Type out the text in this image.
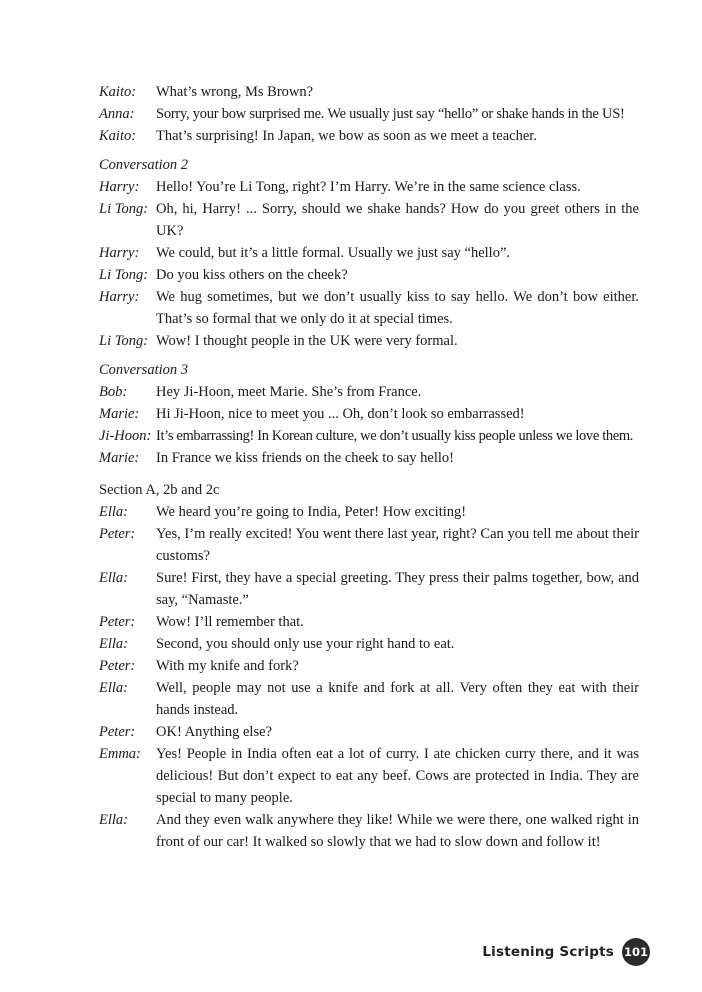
Kaito:	What’s wrong, Ms Brown?
Anna:	Sorry, your bow surprised me. We usually just say “hello” or shake hands in the US!
Kaito:	That’s surprising! In Japan, we bow as soon as we meet a teacher.

Conversation 2

Harry:	Hello! You’re Li Tong, right? I’m Harry. We’re in the same science class.
Li Tong: Oh, hi, Harry! ... Sorry, should we shake hands? How do you greet others in the UK?
Harry:	We could, but it’s a little formal. Usually we just say “hello”.
Li Tong: Do you kiss others on the cheek?
Harry:	We hug sometimes, but we don’t usually kiss to say hello. We don’t bow either. That’s so formal that we only do it at special times.
Li Tong: Wow! I thought people in the UK were very formal.

Conversation 3

Bob:	Hey Ji-Hoon, meet Marie. She’s from France.
Marie:	Hi Ji-Hoon, nice to meet you ... Oh, don’t look so embarrassed!
Ji-Hoon: It’s embarrassing! In Korean culture, we don’t usually kiss people unless we love them.
Marie:	In France we kiss friends on the cheek to say hello!

Section A, 2b and 2c

Ella:	We heard you’re going to India, Peter! How exciting!
Peter:	Yes, I’m really excited! You went there last year, right? Can you tell me about their customs?
Ella:	Sure! First, they have a special greeting. They press their palms together, bow, and say, “Namaste.”
Peter:	Wow! I’ll remember that.
Ella:	Second, you should only use your right hand to eat.
Peter:	With my knife and fork?
Ella:	Well, people may not use a knife and fork at all. Very often they eat with their hands instead.
Peter:	OK! Anything else?
Emma:	Yes! People in India often eat a lot of curry. I ate chicken curry there, and it was delicious! But don’t expect to eat any beef. Cows are protected in India. They are special to many people.
Ella:	And they even walk anywhere they like! While we were there, one walked right in front of our car! It walked so slowly that we had to slow down and follow it!
Listening Scripts 101
